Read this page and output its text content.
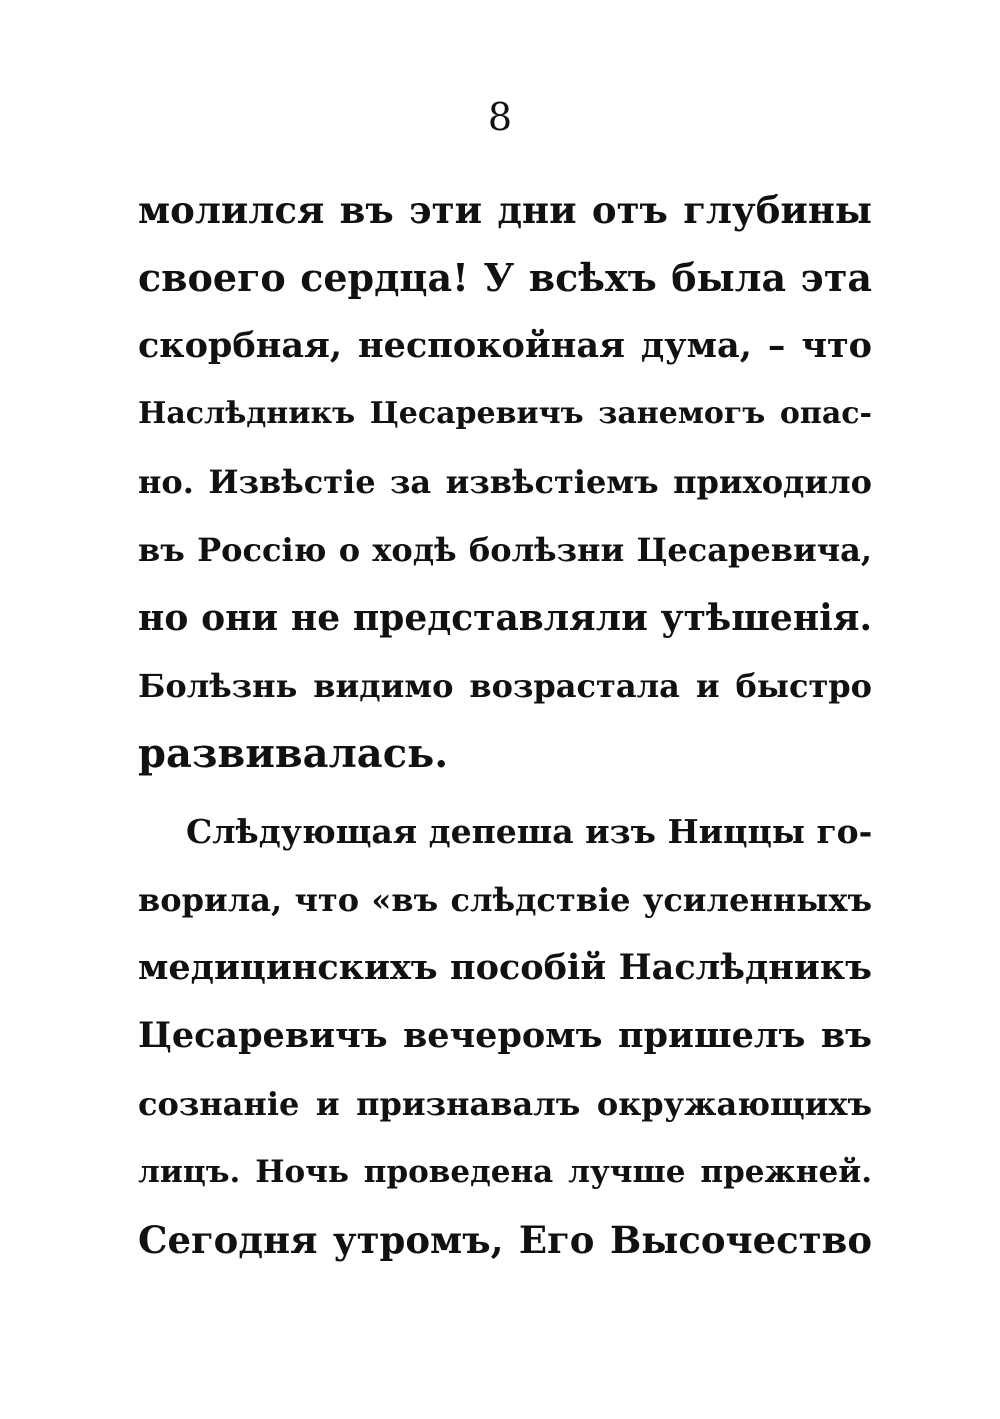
8
молился въ эти дни отъ глубины
своего сердца! У всѣхъ была эта
скорбная, неспокойная дума, – что
Наслѣдникъ Цесаревичъ занемогъ опас-
но. Извѣстіе за извѣстіемъ приходило
въ Россію о ходѣ болѣзни Цесаревича,
но они не представляли утѣшенія.
Болѣзнь видимо возрастала и быстро
развивалась.
Слѣдующая депеша изъ Ниццы го-
ворила, что «въ слѣдствіе усиленныхъ
медицинскихъ пособій Наслѣдникъ
Цесаревичъ вечеромъ пришелъ въ
сознаніе и признавалъ окружающихъ
лицъ. Ночь проведена лучше прежней.
Сегодня утромъ, Его Высочество
